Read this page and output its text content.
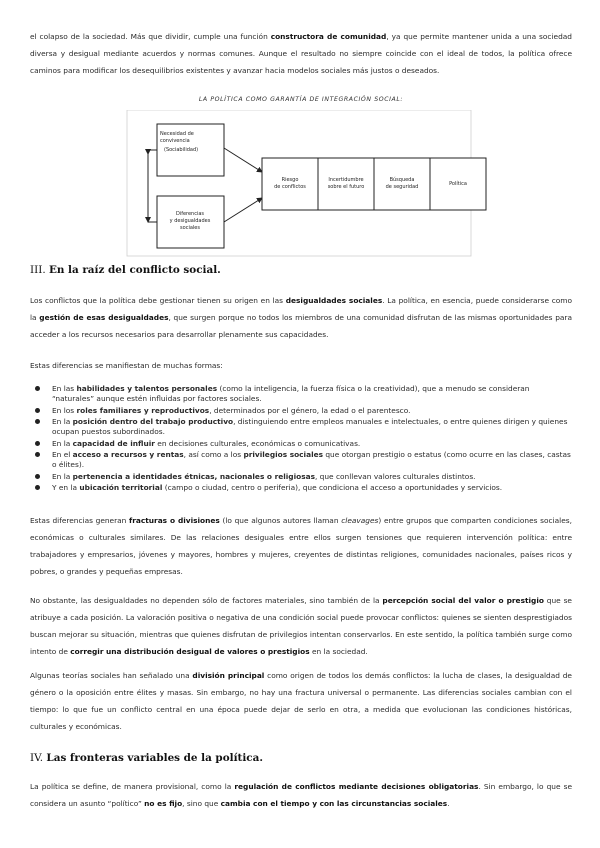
el colapso de la sociedad. Más que dividir, cumple una función constructora de comunidad, ya que permite mantener unida a una sociedad diversa y desigual mediante acuerdos y normas comunes. Aunque el resultado no siempre coincide con el ideal de todos, la política ofrece caminos para modificar los desequilibrios existentes y avanzar hacia modelos sociales más justos o deseados.

LA POLÍTICA COMO GARANTÍA DE INTEGRACIÓN SOCIAL:
Necesidad de
convivencia
(Sociabilidad)
Diferencias
y desigualdades
sociales
Riesgo
de conflictos
Incertidumbre
sobre el futuro
Búsqueda
de seguridad	Política
III. En la raíz del conflicto social.

Los conflictos que la política debe gestionar tienen su origen en las desigualdades sociales. La política, en esencia, puede considerarse como la gestión de esas desigualdades, que surgen porque no todos los miembros de una comunidad disfrutan de las mismas oportunidades para acceder a los recursos necesarios para desarrollar plenamente sus capacidades.

Estas diferencias se manifiestan de muchas formas:

En las habilidades y talentos personales (como la inteligencia, la fuerza física o la creatividad), que a menudo se consideran “naturales” aunque estén influidas por factores sociales.
En los roles familiares y reproductivos, determinados por el género, la edad o el parentesco.
En la posición dentro del trabajo productivo, distinguiendo entre empleos manuales e intelectuales, o entre quienes dirigen y quienes ocupan puestos subordinados.
En la capacidad de influir en decisiones culturales, económicas o comunicativas.
En el acceso a recursos y rentas, así como a los privilegios sociales que otorgan prestigio o estatus (como ocurre en las clases, castas o élites).
En la pertenencia a identidades étnicas, nacionales o religiosas, que conllevan valores culturales distintos.
Y en la ubicación territorial (campo o ciudad, centro o periferia), que condiciona el acceso a oportunidades y servicios.

Estas diferencias generan fracturas o divisiones (lo que algunos autores llaman cleavages) entre grupos que comparten condiciones sociales, económicas o culturales similares. De las relaciones desiguales entre ellos surgen tensiones que requieren intervención política: entre trabajadores y empresarios, jóvenes y mayores, hombres y mujeres, creyentes de distintas religiones, comunidades nacionales, países ricos y pobres, o grandes y pequeñas empresas.

No obstante, las desigualdades no dependen sólo de factores materiales, sino también de la percepción social del valor o prestigio que se atribuye a cada posición. La valoración positiva o negativa de una condición social puede provocar conflictos: quienes se sienten desprestigiados buscan mejorar su situación, mientras que quienes disfrutan de privilegios intentan conservarlos. En este sentido, la política también surge como intento de corregir una distribución desigual de valores o prestigios en la sociedad.

Algunas teorías sociales han señalado una división principal como origen de todos los demás conflictos: la lucha de clases, la desigualdad de género o la oposición entre élites y masas. Sin embargo, no hay una fractura universal o permanente. Las diferencias sociales cambian con el tiempo: lo que fue un conflicto central en una época puede dejar de serlo en otra, a medida que evolucionan las condiciones históricas, culturales y económicas.

IV. Las fronteras variables de la política.

La política se define, de manera provisional, como la regulación de conflictos mediante decisiones obligatorias. Sin embargo, lo que se considera un asunto “político” no es fijo, sino que cambia con el tiempo y con las circunstancias sociales.
